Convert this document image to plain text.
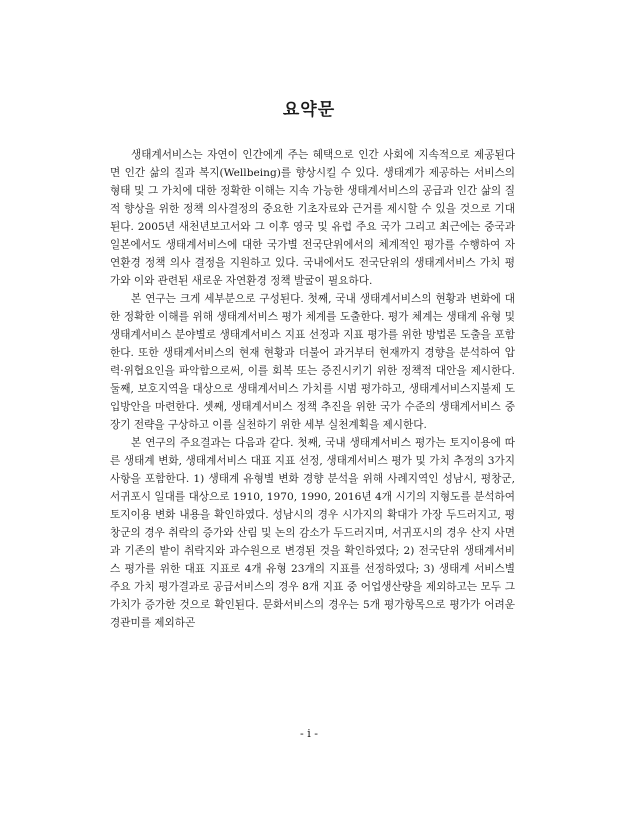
요약문

생태계서비스는 자연이 인간에게 주는 혜택으로 인간 사회에 지속적으로 제공된다면 인간 삶의 질과 복지(Wellbeing)를 향상시킬 수 있다. 생태계가 제공하는 서비스의 형태 및 그 가치에 대한 정확한 이해는 지속 가능한 생태계서비스의 공급과 인간 삶의 질적 향상을 위한 정책 의사결정의 중요한 기초자료와 근거를 제시할 수 있을 것으로 기대된다. 2005년 새천년보고서와 그 이후 영국 및 유럽 주요 국가 그리고 최근에는 중국과 일본에서도 생태계서비스에 대한 국가별 전국단위에서의 체계적인 평가를 수행하여 자연환경 정책 의사 결정을 지원하고 있다. 국내에서도 전국단위의 생태계서비스 가치 평가와 이와 관련된 새로운 자연환경 정책 발굴이 필요하다.

본 연구는 크게 세부분으로 구성된다. 첫째, 국내 생태계서비스의 현황과 변화에 대한 정확한 이해를 위해 생태계서비스 평가 체계를 도출한다. 평가 체계는 생태계 유형 및 생태계서비스 분야별로 생태계서비스 지표 선정과 지표 평가를 위한 방법론 도출을 포함한다. 또한 생태계서비스의 현재 현황과 더불어 과거부터 현재까지 경향을 분석하여 압력·위협요인을 파악함으로써, 이를 회복 또는 증진시키기 위한 정책적 대안을 제시한다. 둘째, 보호지역을 대상으로 생태계서비스 가치를 시범 평가하고, 생태계서비스지불제 도입방안을 마련한다. 셋째, 생태계서비스 정책 추진을 위한 국가 수준의 생태계서비스 중장기 전략을 구상하고 이를 실천하기 위한 세부 실천계획을 제시한다.

본 연구의 주요결과는 다음과 같다. 첫째, 국내 생태계서비스 평가는 토지이용에 따른 생태계 변화, 생태계서비스 대표 지표 선정, 생태계서비스 평가 및 가치 추정의 3가지 사항을 포함한다. 1) 생태계 유형별 변화 경향 분석을 위해 사례지역인 성남시, 평창군, 서귀포시 일대를 대상으로 1910, 1970, 1990, 2016년 4개 시기의 지형도를 분석하여 토지이용 변화 내용을 확인하였다. 성남시의 경우 시가지의 확대가 가장 두드러지고, 평창군의 경우 취락의 증가와 산림 및 논의 감소가 두드러지며, 서귀포시의 경우 산지 사면과 기존의 밭이 취락지와 과수원으로 변경된 것을 확인하였다; 2) 전국단위 생태계서비스 평가를 위한 대표 지표로 4개 유형 23개의 지표를 선정하였다; 3) 생태계 서비스별 주요 가치 평가결과로 공급서비스의 경우 8개 지표 중 어업생산량을 제외하고는 모두 그 가치가 증가한 것으로 확인된다. 문화서비스의 경우는 5개 평가항목으로 평가가 어려운 경관미를 제외하곤

- i -
